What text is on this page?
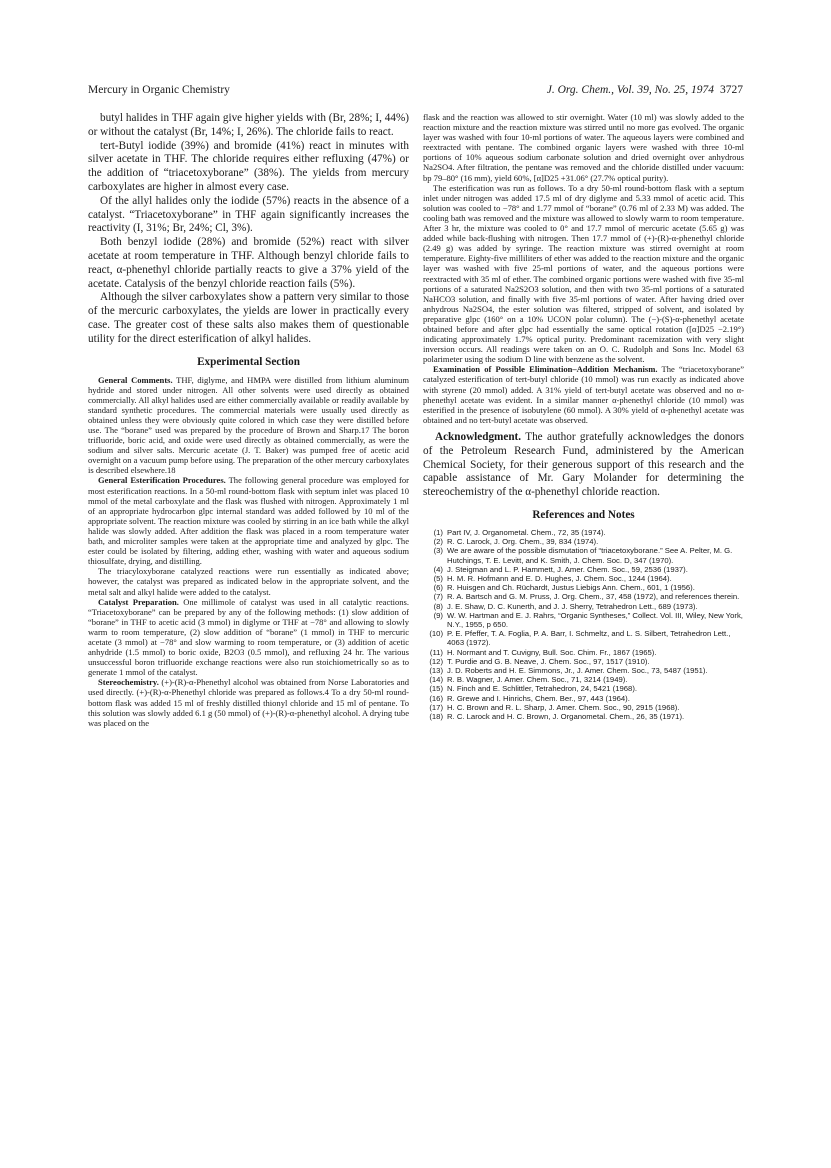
Mercury in Organic Chemistry	J. Org. Chem., Vol. 39, No. 25, 1974 3727

butyl halides in THF again give higher yields with (Br, 28%; I, 44%) or without the catalyst (Br, 14%; I, 26%). The chloride fails to react.

tert-Butyl iodide (39%) and bromide (41%) react in minutes with silver acetate in THF. The chloride requires either refluxing (47%) or the addition of “triacetoxyborane” (38%). The yields from mercury carboxylates are higher in almost every case.

Of the allyl halides only the iodide (57%) reacts in the absence of a catalyst. “Triacetoxyborane” in THF again significantly increases the reactivity (I, 31%; Br, 24%; Cl, 3%).

Both benzyl iodide (28%) and bromide (52%) react with silver acetate at room temperature in THF. Although benzyl chloride fails to react, α-phenethyl chloride partially reacts to give a 37% yield of the acetate. Catalysis of the benzyl chloride reaction fails (5%).

Although the silver carboxylates show a pattern very similar to those of the mercuric carboxylates, the yields are lower in practically every case. The greater cost of these salts also makes them of questionable utility for the direct esterification of alkyl halides.

Experimental Section

General Comments. THF, diglyme, and HMPA were distilled from lithium aluminum hydride and stored under nitrogen. All other solvents were used directly as obtained commercially. All alkyl halides used are either commercially available or readily available by standard synthetic procedures. The commercial materials were usually used directly as obtained unless they were obviously quite colored in which case they were distilled before use. The “borane” used was prepared by the procedure of Brown and Sharp.17 The boron trifluoride, boric acid, and oxide were used directly as obtained commercially, as were the sodium and silver salts. Mercuric acetate (J. T. Baker) was pumped free of acetic acid overnight on a vacuum pump before using. The preparation of the other mercury carboxylates is described elsewhere.18

General Esterification Procedures. The following general procedure was employed for most esterification reactions. In a 50-ml round-bottom flask with septum inlet was placed 10 mmol of the metal carboxylate and the flask was flushed with nitrogen. Approximately 1 ml of an appropriate hydrocarbon glpc internal standard was added followed by 10 ml of the appropriate solvent. The reaction mixture was cooled by stirring in an ice bath while the alkyl halide was slowly added. After addition the flask was placed in a room temperature water bath, and microliter samples were taken at the appropriate time and analyzed by glpc. The ester could be isolated by filtering, adding ether, washing with water and aqueous sodium thiosulfate, drying, and distilling.

The triacyloxyborane catalyzed reactions were run essentially as indicated above; however, the catalyst was prepared as indicated below in the appropriate solvent, and the metal salt and alkyl halide were added to the catalyst.

Catalyst Preparation. One millimole of catalyst was used in all catalytic reactions. “Triacetoxyborane” can be prepared by any of the following methods: (1) slow addition of “borane” in THF to acetic acid (3 mmol) in diglyme or THF at −78° and allowing to slowly warm to room temperature, (2) slow addition of “borane” (1 mmol) in THF to mercuric acetate (3 mmol) at −78° and slow warming to room temperature, or (3) addition of acetic anhydride (1.5 mmol) to boric oxide, B2O3 (0.5 mmol), and refluxing 24 hr. The various unsuccessful boron trifluoride exchange reactions were also run stoichiometrically so as to generate 1 mmol of the catalyst.

Stereochemistry. (+)-(R)-α-Phenethyl alcohol was obtained from Norse Laboratories and used directly. (+)-(R)-α-Phenethyl chloride was prepared as follows.4 To a dry 50-ml round-bottom flask was added 15 ml of freshly distilled thionyl chloride and 15 ml of pentane. To this solution was slowly added 6.1 g (50 mmol) of (+)-(R)-α-phenethyl alcohol. A drying tube was placed on the

flask and the reaction was allowed to stir overnight. Water (10 ml) was slowly added to the reaction mixture and the reaction mixture was stirred until no more gas evolved. The organic layer was washed with four 10-ml portions of water. The aqueous layers were combined and reextracted with pentane. The combined organic layers were washed with three 10-ml portions of 10% aqueous sodium carbonate solution and dried overnight over anhydrous Na2SO4. After filtration, the pentane was removed and the chloride distilled under vacuum: bp 79–80° (16 mm), yield 60%, [α]D25 +31.06° (27.7% optical purity).

The esterification was run as follows. To a dry 50-ml round-bottom flask with a septum inlet under nitrogen was added 17.5 ml of dry diglyme and 5.33 mmol of acetic acid. This solution was cooled to −78° and 1.77 mmol of “borane” (0.76 ml of 2.33 M) was added. The cooling bath was removed and the mixture was allowed to slowly warm to room temperature. After 3 hr, the mixture was cooled to 0° and 17.7 mmol of mercuric acetate (5.65 g) was added while back-flushing with nitrogen. Then 17.7 mmol of (+)-(R)-α-phenethyl chloride (2.49 g) was added by syringe. The reaction mixture was stirred overnight at room temperature. Eighty-five milliliters of ether was added to the reaction mixture and the organic layer was washed with five 25-ml portions of water, and the aqueous portions were reextracted with 35 ml of ether. The combined organic portions were washed with five 35-ml portions of a saturated Na2S2O3 solution, and then with two 35-ml portions of a saturated NaHCO3 solution, and finally with five 35-ml portions of water. After having dried over anhydrous Na2SO4, the ester solution was filtered, stripped of solvent, and isolated by preparative glpc (160° on a 10% UCON polar column). The (−)-(S)-α-phenethyl acetate obtained before and after glpc had essentially the same optical rotation ([α]D25 −2.19°) indicating approximately 1.7% optical purity. Predominant racemization with very slight inversion occurs. All readings were taken on an O. C. Rudolph and Sons Inc. Model 63 polarimeter using the sodium D line with benzene as the solvent.

Examination of Possible Elimination–Addition Mechanism. The “triacetoxyborane” catalyzed esterification of tert-butyl chloride (10 mmol) was run exactly as indicated above with styrene (20 mmol) added. A 31% yield of tert-butyl acetate was observed and no α-phenethyl acetate was evident. In a similar manner α-phenethyl chloride (10 mmol) was esterified in the presence of isobutylene (60 mmol). A 30% yield of α-phenethyl acetate was obtained and no tert-butyl acetate was observed.

Acknowledgment. The author gratefully acknowledges the donors of the Petroleum Research Fund, administered by the American Chemical Society, for their generous support of this research and the capable assistance of Mr. Gary Molander for determining the stereochemistry of the α-phenethyl chloride reaction.

References and Notes
(1) Part IV, J. Organometal. Chem., 72, 35 (1974).
(2) R. C. Larock, J. Org. Chem., 39, 834 (1974).
(3) We are aware of the possible dismutation of “triacetoxyborane.” See A. Pelter, M. G. Hutchings, T. E. Levitt, and K. Smith, J. Chem. Soc. D, 347 (1970).
(4) J. Steigman and L. P. Hammett, J. Amer. Chem. Soc., 59, 2536 (1937).
(5) H. M. R. Hofmann and E. D. Hughes, J. Chem. Soc., 1244 (1964).
(6) R. Huisgen and Ch. Rüchardt, Justus Liebigs Ann. Chem., 601, 1 (1956).
(7) R. A. Bartsch and G. M. Pruss, J. Org. Chem., 37, 458 (1972), and references therein.
(8) J. E. Shaw, D. C. Kunerth, and J. J. Sherry, Tetrahedron Lett., 689 (1973).
(9) W. W. Hartman and E. J. Rahrs, “Organic Syntheses,” Collect. Vol. III, Wiley, New York, N.Y., 1955, p 650.
(10) P. E. Pfeffer, T. A. Foglia, P. A. Barr, I. Schmeltz, and L. S. Silbert, Tetrahedron Lett., 4063 (1972).
(11) H. Normant and T. Cuvigny, Bull. Soc. Chim. Fr., 1867 (1965).
(12) T. Purdie and G. B. Neave, J. Chem. Soc., 97, 1517 (1910).
(13) J. D. Roberts and H. E. Simmons, Jr., J. Amer. Chem. Soc., 73, 5487 (1951).
(14) R. B. Wagner, J. Amer. Chem. Soc., 71, 3214 (1949).
(15) N. Finch and E. Schlittler, Tetrahedron, 24, 5421 (1968).
(16) R. Grewe and I. Hinrichs, Chem. Ber., 97, 443 (1964).
(17) H. C. Brown and R. L. Sharp, J. Amer. Chem. Soc., 90, 2915 (1968).
(18) R. C. Larock and H. C. Brown, J. Organometal. Chem., 26, 35 (1971).
